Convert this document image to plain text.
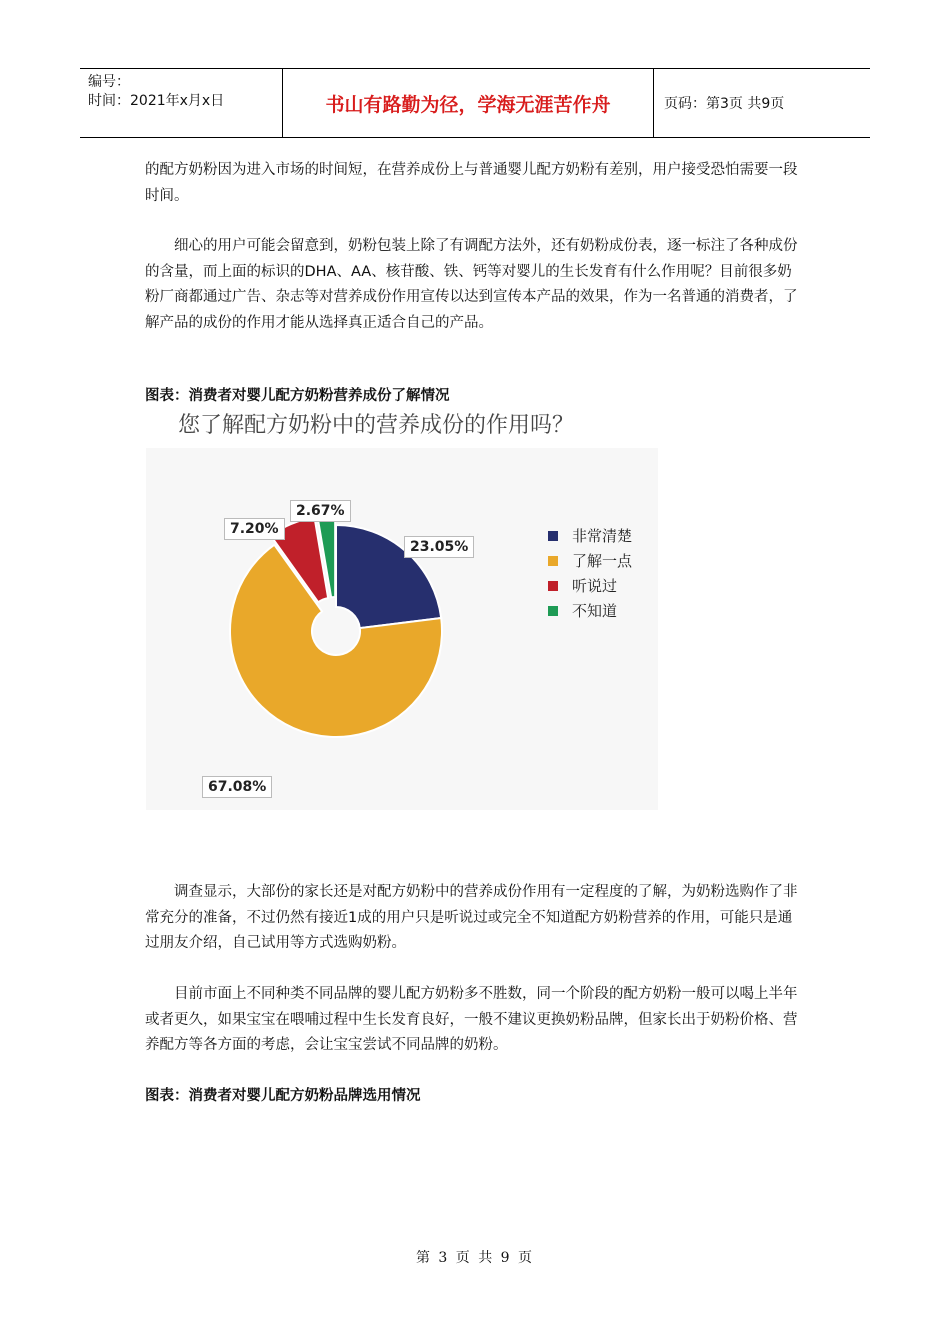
编号：
时间：2021年x月x日	书山有路勤为径，学海无涯苦作舟	页码：第3页 共9页

的配方奶粉因为进入市场的时间短，在营养成份上与普通婴儿配方奶粉有差别，用户接受恐怕需要一段时间。

细心的用户可能会留意到，奶粉包装上除了有调配方法外，还有奶粉成份表，逐一标注了各种成份的含量，而上面的标识的DHA、AA、核苷酸、铁、钙等对婴儿的生长发育有什么作用呢？目前很多奶粉厂商都通过广告、杂志等对营养成份作用宣传以达到宣传本产品的效果，作为一名普通的消费者，了解产品的成份的作用才能从选择真正适合自己的产品。

图表：消费者对婴儿配方奶粉营养成份了解情况
您了解配方奶粉中的营养成份的作用吗？
23.05%
67.08%
7.20%
2.67%
非常清楚
了解一点
听说过
不知道

调查显示，大部份的家长还是对配方奶粉中的营养成份作用有一定程度的了解，为奶粉选购作了非常充分的准备，不过仍然有接近1成的用户只是听说过或完全不知道配方奶粉营养的作用，可能只是通过朋友介绍，自己试用等方式选购奶粉。

目前市面上不同种类不同品牌的婴儿配方奶粉多不胜数，同一个阶段的配方奶粉一般可以喝上半年或者更久，如果宝宝在喂哺过程中生长发育良好，一般不建议更换奶粉品牌，但家长出于奶粉价格、营养配方等各方面的考虑，会让宝宝尝试不同品牌的奶粉。

图表：消费者对婴儿配方奶粉品牌选用情况
第 3 页 共 9 页
